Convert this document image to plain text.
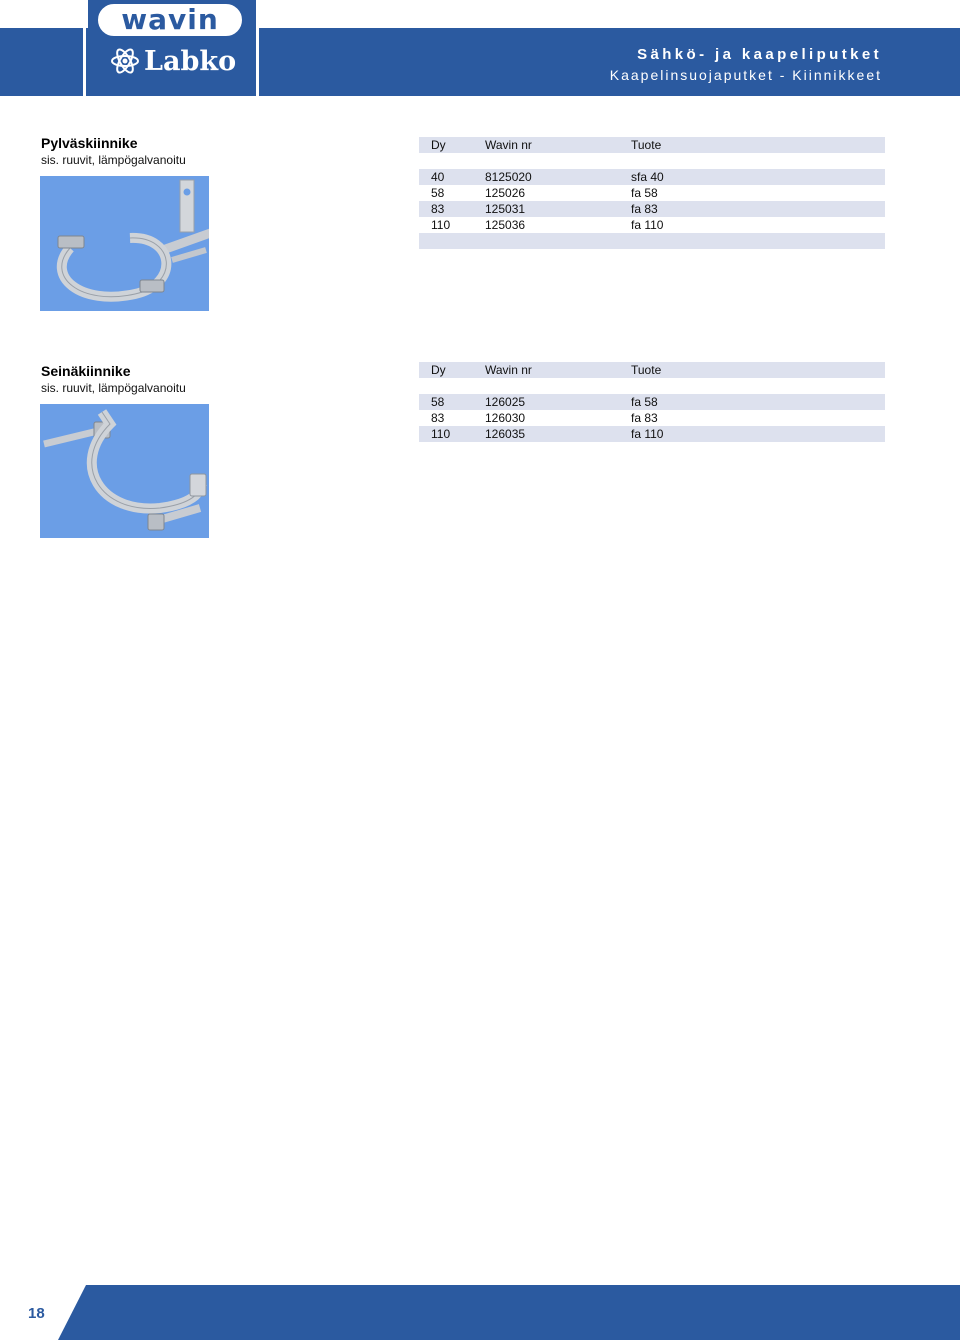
wavin
Labko	Sähkö- ja kaapeliputket
Kaapelinsuojaputket - Kiinnikkeet
Pylväskiinnike
sis. ruuvit, lämpögalvanoitu
Dy	Wavin nr	Tuote

40	8125020	sfa 40
58	125026	fa 58
83	125031	fa 83
110	125036	fa 110

Seinäkiinnike
sis. ruuvit, lämpögalvanoitu
Dy	Wavin nr	Tuote

58	126025	fa 58
83	126030	fa 83
110	126035	fa 110
18
